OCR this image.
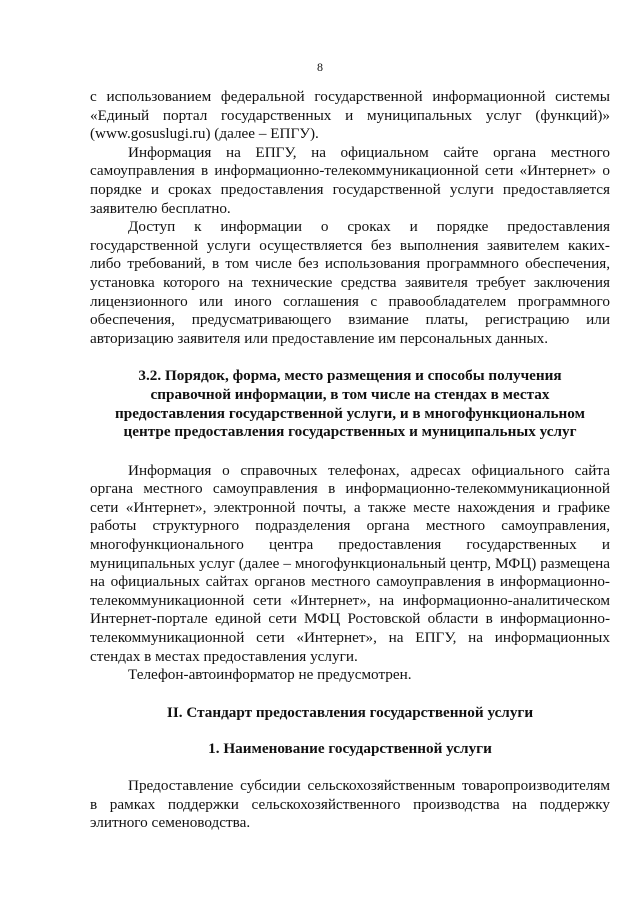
8

с использованием федеральной государственной информационной системы «Единый портал государственных и муниципальных услуг (функций)» (www.gosuslugi.ru) (далее – ЕПГУ).

Информация на ЕПГУ, на официальном сайте органа местного самоуправления в информационно-телекоммуникационной сети «Интернет» о порядке и сроках предоставления государственной услуги предоставляется заявителю бесплатно.

Доступ к информации о сроках и порядке предоставления государственной услуги осуществляется без выполнения заявителем каких-либо требований, в том числе без использования программного обеспечения, установка которого на технические средства заявителя требует заключения лицензионного или иного соглашения с правообладателем программного обеспечения, предусматривающего взимание платы, регистрацию или авторизацию заявителя или предоставление им персональных данных.

3.2. Порядок, форма, место размещения и способы получения справочной информации, в том числе на стендах в местах предоставления государственной услуги, и в многофункциональном центре предоставления государственных и муниципальных услуг

Информация о справочных телефонах, адресах официального сайта органа местного самоуправления в информационно-телекоммуникационной сети «Интернет», электронной почты, а также месте нахождения и графике работы структурного подразделения органа местного самоуправления, многофункционального центра предоставления государственных и муниципальных услуг (далее – многофункциональный центр, МФЦ) размещена на официальных сайтах органов местного самоуправления в информационно-телекоммуникационной сети «Интернет», на информационно-аналитическом Интернет-портале единой сети МФЦ Ростовской области в информационно-телекоммуникационной сети «Интернет», на ЕПГУ, на информационных стендах в местах предоставления услуги.

Телефон-автоинформатор не предусмотрен.

II. Стандарт предоставления государственной услуги
1. Наименование государственной услуги

Предоставление субсидии сельскохозяйственным товаропроизводителям в рамках поддержки сельскохозяйственного производства на поддержку элитного семеноводства.
